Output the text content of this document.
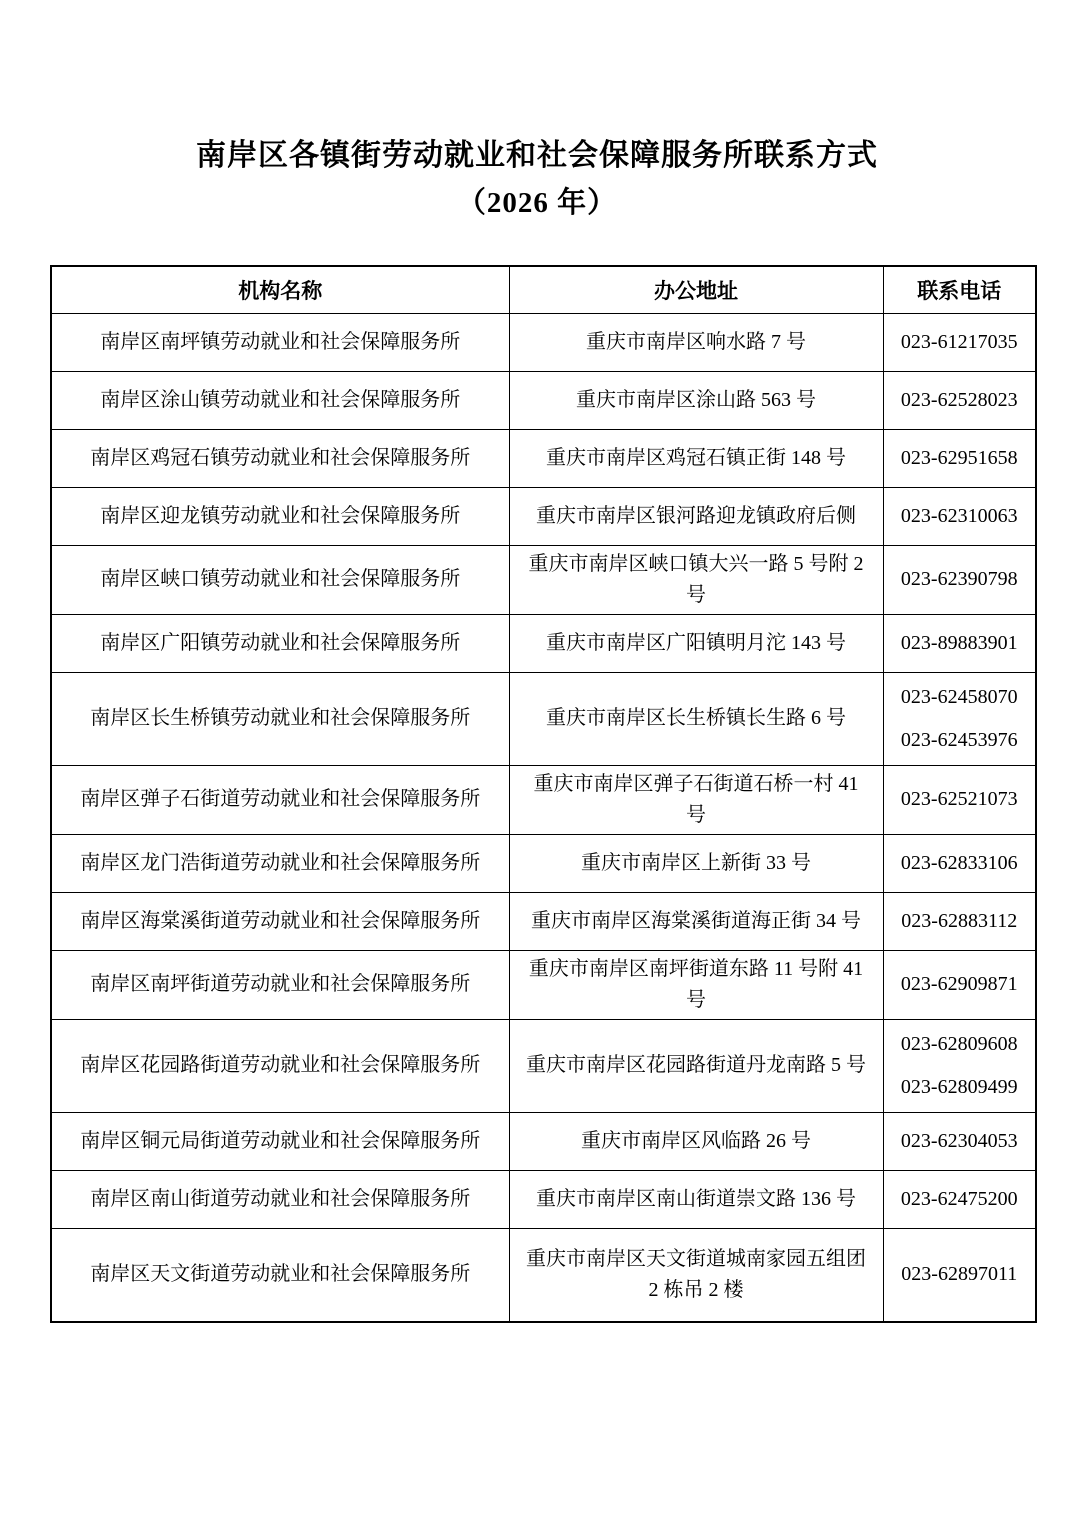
南岸区各镇街劳动就业和社会保障服务所联系方式
（2026 年）
机构名称	办公地址	联系电话
南岸区南坪镇劳动就业和社会保障服务所	重庆市南岸区响水路 7 号	023-61217035

南岸区涂山镇劳动就业和社会保障服务所	重庆市南岸区涂山路 563 号	023-62528023

南岸区鸡冠石镇劳动就业和社会保障服务所	重庆市南岸区鸡冠石镇正街 148 号	023-62951658

南岸区迎龙镇劳动就业和社会保障服务所	重庆市南岸区银河路迎龙镇政府后侧	023-62310063

南岸区峡口镇劳动就业和社会保障服务所	重庆市南岸区峡口镇大兴一路 5 号附 2 号	023-62390798

南岸区广阳镇劳动就业和社会保障服务所	重庆市南岸区广阳镇明月沱 143 号	023-89883901

南岸区长生桥镇劳动就业和社会保障服务所	重庆市南岸区长生桥镇长生路 6 号	023-62458070
023-62453976

南岸区弹子石街道劳动就业和社会保障服务所	重庆市南岸区弹子石街道石桥一村 41 号	023-62521073

南岸区龙门浩街道劳动就业和社会保障服务所	重庆市南岸区上新街 33 号	023-62833106

南岸区海棠溪街道劳动就业和社会保障服务所	重庆市南岸区海棠溪街道海正街 34 号	023-62883112

南岸区南坪街道劳动就业和社会保障服务所	重庆市南岸区南坪街道东路 11 号附 41 号	023-62909871

南岸区花园路街道劳动就业和社会保障服务所	重庆市南岸区花园路街道丹龙南路 5 号	023-62809608
023-62809499

南岸区铜元局街道劳动就业和社会保障服务所	重庆市南岸区风临路 26 号	023-62304053

南岸区南山街道劳动就业和社会保障服务所	重庆市南岸区南山街道崇文路 136 号	023-62475200

南岸区天文街道劳动就业和社会保障服务所	重庆市南岸区天文街道城南家园五组团 2 栋吊 2 楼	023-62897011
